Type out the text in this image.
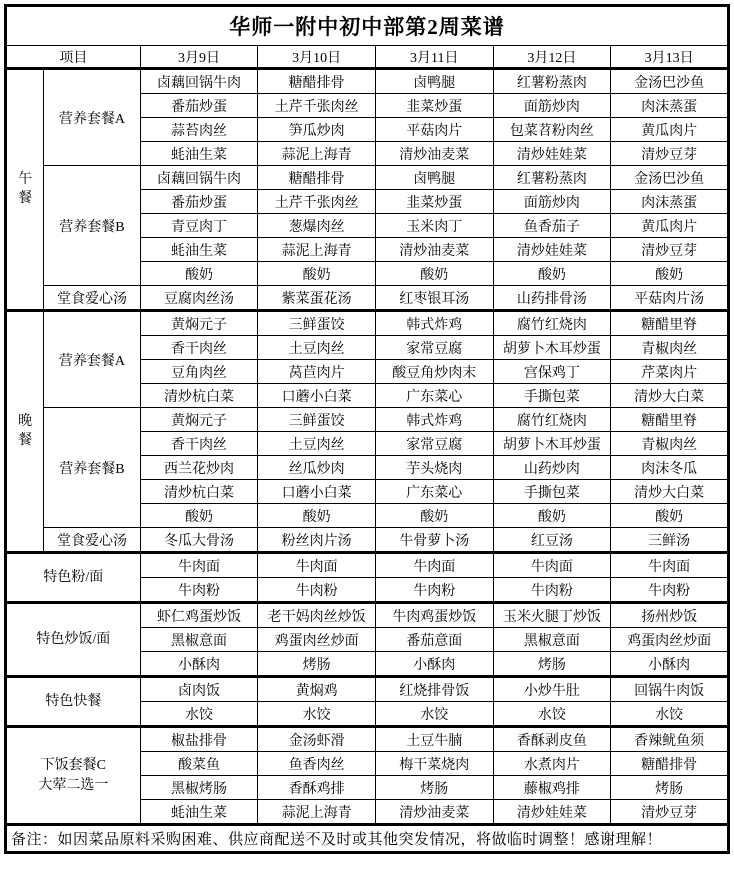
华师一附中初中部第2周菜谱						
项目		3月9日	3月10日	3月11日	3月12日	3月13日

午
餐	营养套餐A	卤藕回锅牛肉	糖醋排骨	卤鸭腿	红薯粉蒸肉	金汤巴沙鱼
		番茄炒蛋	土芹千张肉丝	韭菜炒蛋	面筋炒肉	肉沫蒸蛋
		蒜苔肉丝	笋瓜炒肉	平菇肉片	包菜苕粉肉丝	黄瓜肉片
		蚝油生菜	蒜泥上海青	清炒油麦菜	清炒娃娃菜	清炒豆芽
	营养套餐B	卤藕回锅牛肉	糖醋排骨	卤鸭腿	红薯粉蒸肉	金汤巴沙鱼
		番茄炒蛋	土芹千张肉丝	韭菜炒蛋	面筋炒肉	肉沫蒸蛋
		青豆肉丁	葱爆肉丝	玉米肉丁	鱼香茄子	黄瓜肉片
		蚝油生菜	蒜泥上海青	清炒油麦菜	清炒娃娃菜	清炒豆芽
		酸奶	酸奶	酸奶	酸奶	酸奶
	堂食爱心汤	豆腐肉丝汤	紫菜蛋花汤	红枣银耳汤	山药排骨汤	平菇肉片汤

晚
餐	营养套餐A	黄焖元子	三鲜蛋饺	韩式炸鸡	腐竹红烧肉	糖醋里脊
		香干肉丝	土豆肉丝	家常豆腐	胡萝卜木耳炒蛋	青椒肉丝
		豆角肉丝	莴苣肉片	酸豆角炒肉末	宫保鸡丁	芹菜肉片
		清炒杭白菜	口蘑小白菜	广东菜心	手撕包菜	清炒大白菜
	营养套餐B	黄焖元子	三鲜蛋饺	韩式炸鸡	腐竹红烧肉	糖醋里脊
		香干肉丝	土豆肉丝	家常豆腐	胡萝卜木耳炒蛋	青椒肉丝
		西兰花炒肉	丝瓜炒肉	芋头烧肉	山药炒肉	肉沫冬瓜
		清炒杭白菜	口蘑小白菜	广东菜心	手撕包菜	清炒大白菜
		酸奶	酸奶	酸奶	酸奶	酸奶
	堂食爱心汤	冬瓜大骨汤	粉丝肉片汤	牛骨萝卜汤	红豆汤	三鲜汤

特色粉/面		牛肉面	牛肉面	牛肉面	牛肉面	牛肉面
		牛肉粉	牛肉粉	牛肉粉	牛肉粉	牛肉粉

特色炒饭/面		虾仁鸡蛋炒饭	老干妈肉丝炒饭	牛肉鸡蛋炒饭	玉米火腿丁炒饭	扬州炒饭
		黑椒意面	鸡蛋肉丝炒面	番茄意面	黑椒意面	鸡蛋肉丝炒面
		小酥肉	烤肠	小酥肉	烤肠	小酥肉

特色快餐		卤肉饭	黄焖鸡	红烧排骨饭	小炒牛肚	回锅牛肉饭
		水饺	水饺	水饺	水饺	水饺

下饭套餐C
大荤二选一		椒盐排骨	金汤虾滑	土豆牛腩	香酥剥皮鱼	香辣鱿鱼须
		酸菜鱼	鱼香肉丝	梅干菜烧肉	水煮肉片	糖醋排骨
		黑椒烤肠	香酥鸡排	烤肠	藤椒鸡排	烤肠
		蚝油生菜	蒜泥上海青	清炒油麦菜	清炒娃娃菜	清炒豆芽
备注：如因菜品原料采购困难、供应商配送不及时或其他突发情况，将做临时调整！感谢理解！						
